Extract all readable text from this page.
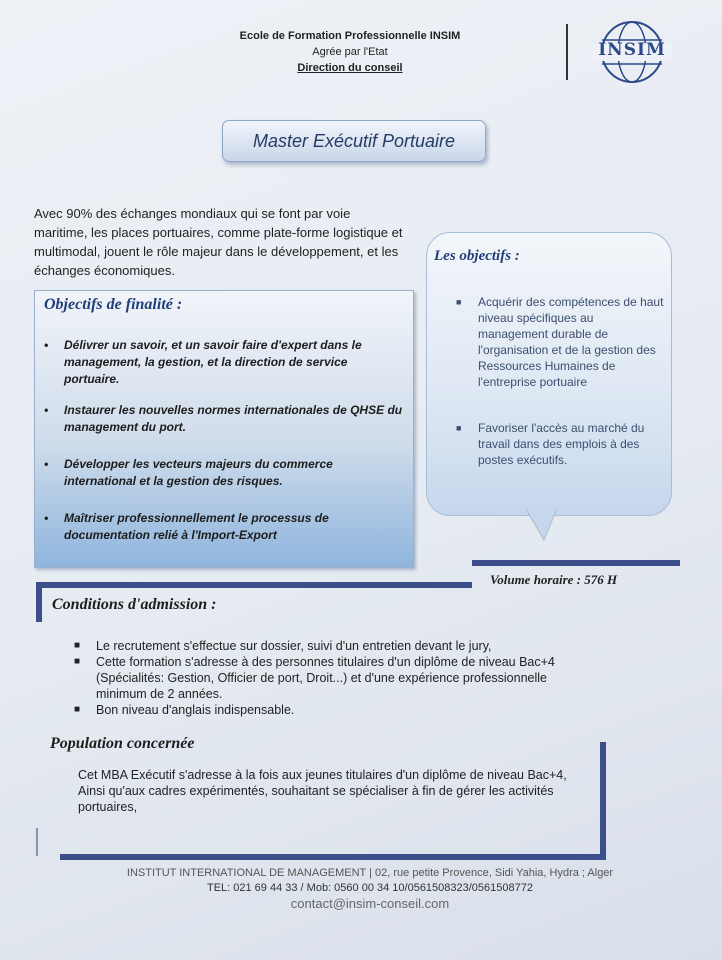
Ecole de Formation Professionnelle INSIM
Agrée par l'Etat
Direction du conseil
INSIM
Master Exécutif Portuaire
Avec 90% des échanges mondiaux qui se font par voie maritime, les places portuaires, comme plate-forme logistique et multimodal, jouent le rôle majeur dans le développement, et les échanges économiques.
Objectifs de finalité :
• Délivrer un savoir, et un savoir faire d'expert dans le management, la gestion, et la direction de service portuaire.
• Instaurer les nouvelles normes internationales de QHSE du management du port.
• Développer les vecteurs majeurs du commerce international et la gestion des risques.
• Maîtriser professionnellement le processus de documentation relié à l'Import-Export
Les objectifs :
■ Acquérir des compétences de haut niveau spécifiques au management durable de l'organisation et de la gestion des Ressources Humaines de l'entreprise portuaire
■ Favoriser l'accès au marché du travail dans des emplois à des postes exécutifs.
Volume horaire : 576 H
Conditions d'admission :
■ Le recrutement s'effectue sur dossier, suivi d'un entretien devant le jury,
■ Cette formation s'adresse à des personnes titulaires d'un diplôme de niveau Bac+4 (Spécialités: Gestion, Officier de port, Droit...) et d'une expérience professionnelle minimum de 2 années.
■ Bon niveau d'anglais indispensable.
Population concernée
Cet MBA Exécutif s'adresse à la fois aux jeunes titulaires d'un diplôme de niveau Bac+4,
Ainsi qu'aux cadres expérimentés, souhaitant se spécialiser à fin de gérer les activités portuaires,
INSTITUT INTERNATIONAL DE MANAGEMENT | 02, rue petite Provence, Sidi Yahia, Hydra ; Alger
TEL: 021 69 44 33 / Mob: 0560 00 34 10/0561508323/0561508772
contact@insim-conseil.com
